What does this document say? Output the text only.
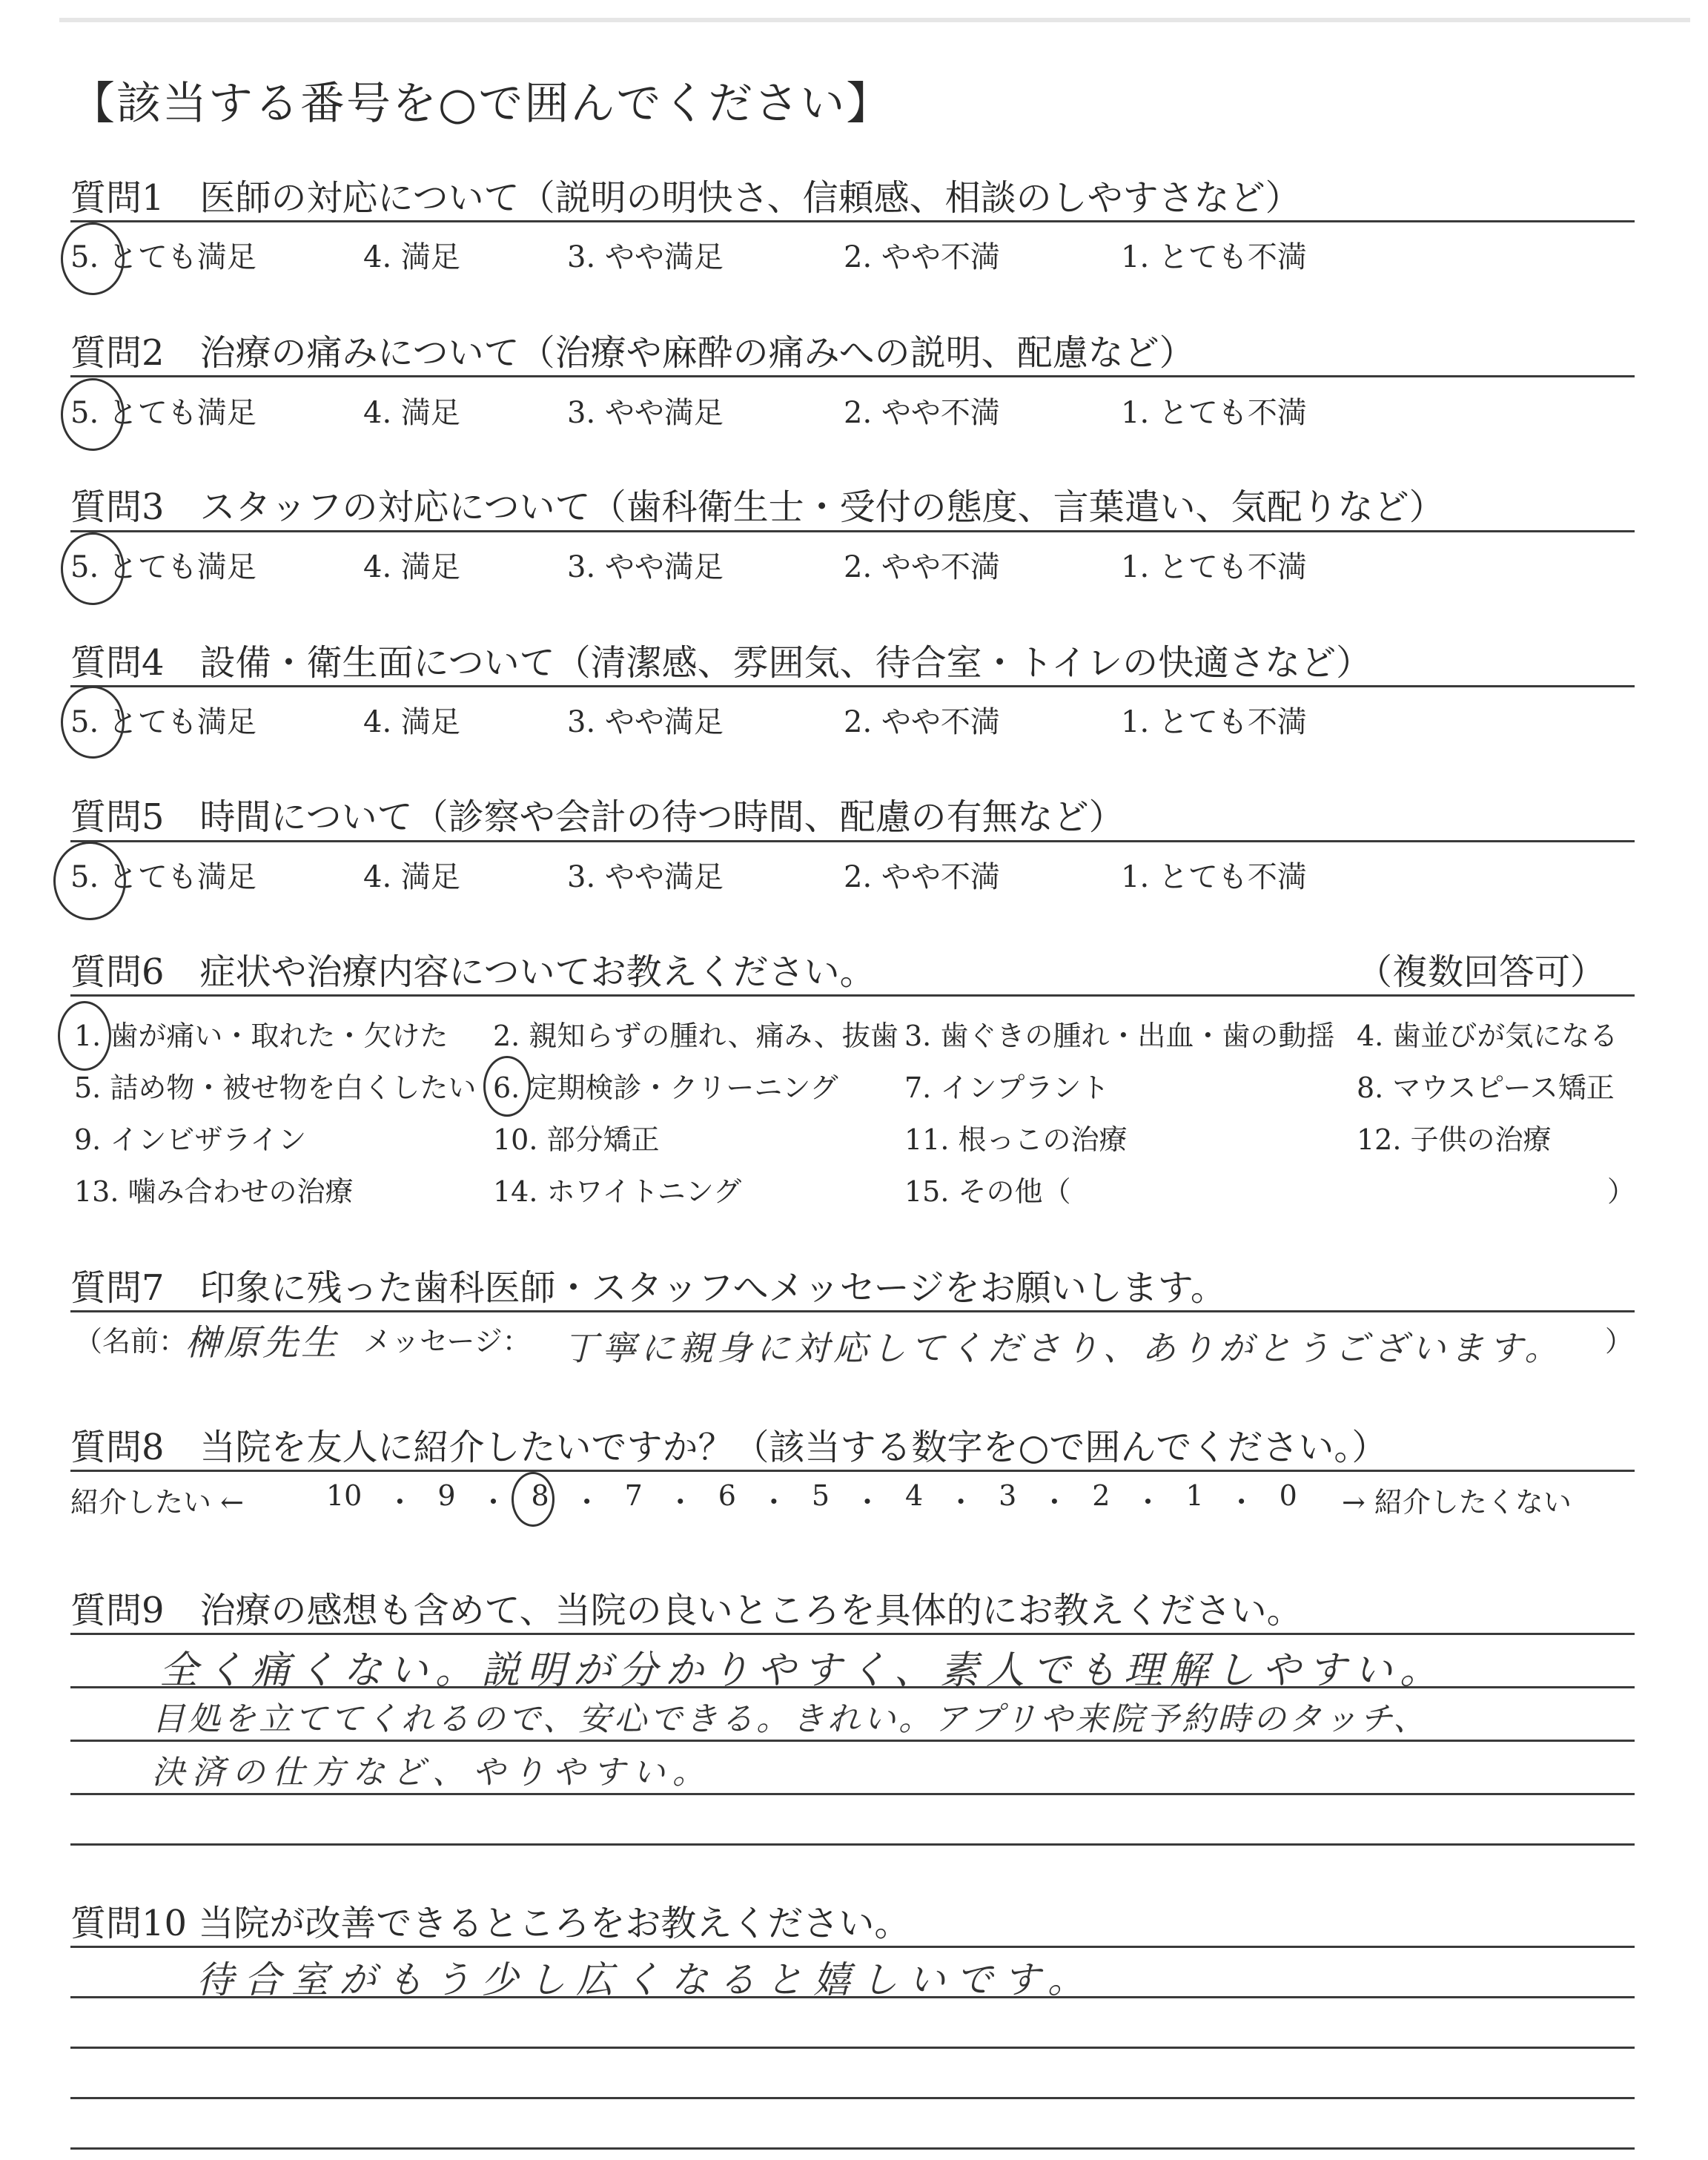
【該当する番号を○で囲んでください】
質問1　医師の対応について（説明の明快さ、信頼感、相談のしやすさなど）
5. とても満足	4. 満足	3. やや満足	2. やや不満	1. とても不満
質問2　治療の痛みについて（治療や麻酔の痛みへの説明、配慮など）
5. とても満足	4. 満足	3. やや満足	2. やや不満	1. とても不満
質問3　スタッフの対応について（歯科衛生士・受付の態度、言葉遣い、気配りなど）
5. とても満足	4. 満足	3. やや満足	2. やや不満	1. とても不満
質問4　設備・衛生面について（清潔感、雰囲気、待合室・トイレの快適さなど）
5. とても満足	4. 満足	3. やや満足	2. やや不満	1. とても不満
質問5　時間について（診察や会計の待つ時間、配慮の有無など）
5. とても満足	4. 満足	3. やや満足	2. やや不満	1. とても不満
質問6　症状や治療内容についてお教えください。	（複数回答可）
1. 歯が痛い・取れた・欠けた 2. 親知らずの腫れ、痛み、抜歯 3. 歯ぐきの腫れ・出血・歯の動揺 4. 歯並びが気になる
5. 詰め物・被せ物を白くしたい 6. 定期検診・クリーニング 7. インプラント	8. マウスピース矯正
9. インビザライン	10. 部分矯正	11. 根っこの治療	12. 子供の治療
13. 噛み合わせの治療	14. ホワイトニング	15. その他（	）
質問7　印象に残った歯科医師・スタッフへメッセージをお願いします。
（名前：
榊原先生 メッセージ： 丁寧に親身に対応してくださり、ありがとうございます。 ）
質問8　当院を友人に紹介したいですか？（該当する数字を○で囲んでください。）
紹介したい ←	10 ・ 9 ・ 8 ・ 7 ・ 6 ・ 5 ・ 4 ・ 3 ・ 2 ・ 1 ・ 0 → 紹介したくない
質問9　治療の感想も含めて、当院の良いところを具体的にお教えください。
全く痛くない。説明が分かりやすく、素人でも理解しやすい。
目処を立ててくれるので、安心できる。きれい。アプリや来院予約時のタッチ、
決済の仕方など、やりやすい。
質問10 当院が改善できるところをお教えください。
待合室がもう少し広くなると嬉しいです。
